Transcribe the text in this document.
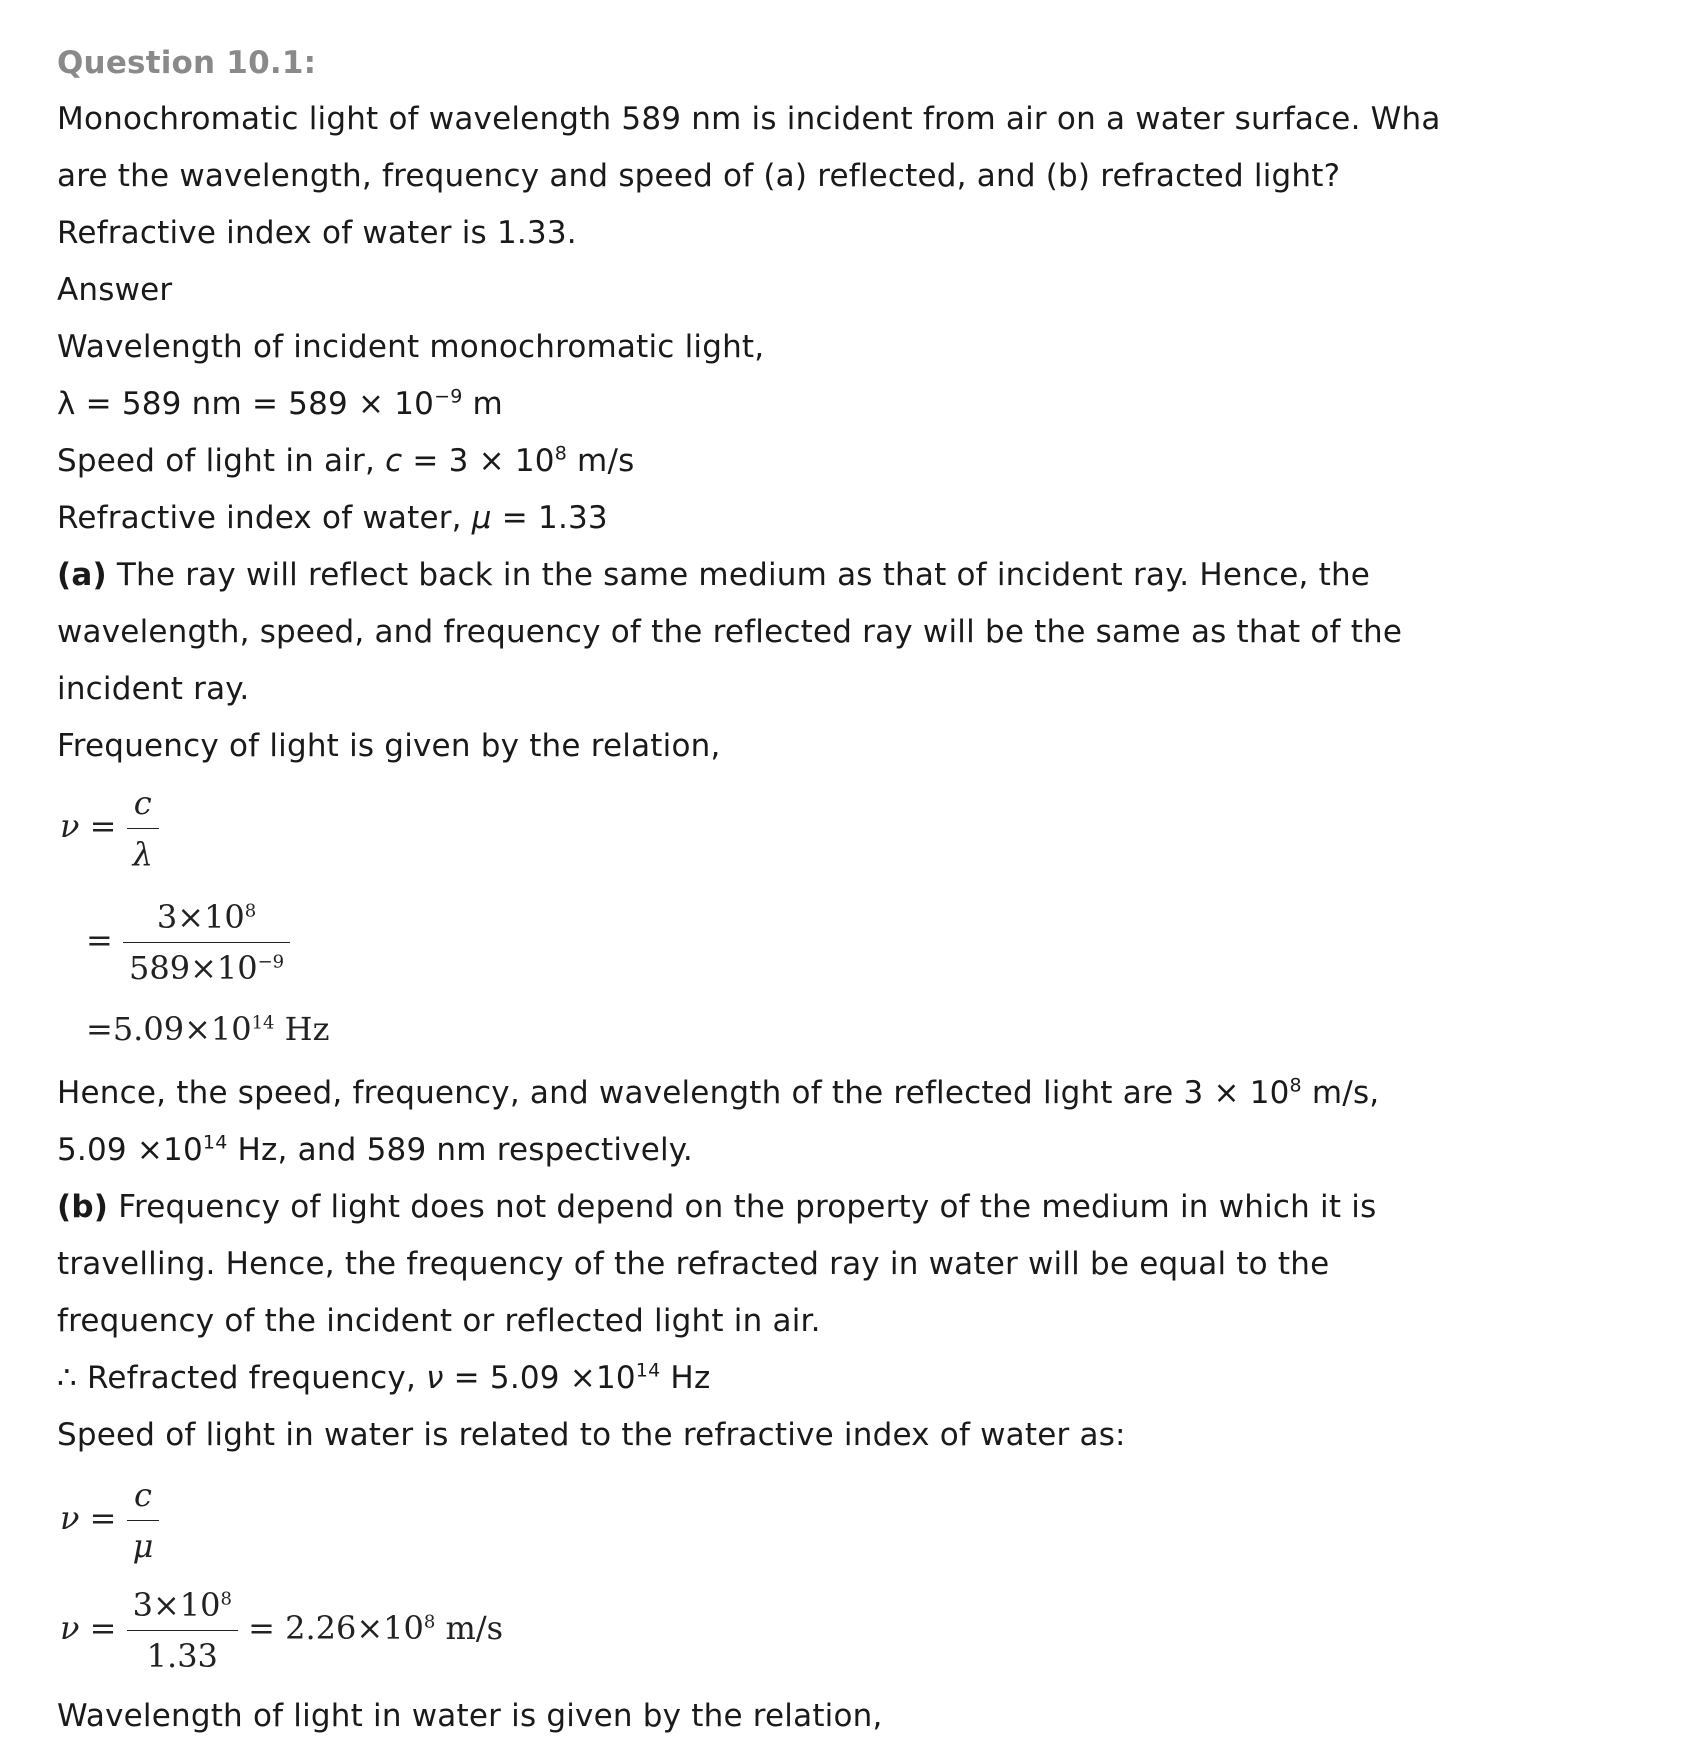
Question 10.1:
Monochromatic light of wavelength 589 nm is incident from air on a water surface. Wha
are the wavelength, frequency and speed of (a) reflected, and (b) refracted light?
Refractive index of water is 1.33.
Answer
Wavelength of incident monochromatic light,
λ = 589 nm = $589 \times 10^{-9}$ m
Speed of light in air, $c = 3 \times 10^8$ m/s
Refractive index of water, μ = 1.33
(a) The ray will reflect back in the same medium as that of incident ray. Hence, the
wavelength, speed, and frequency of the reflected ray will be the same as that of the
incident ray.
Frequency of light is given by the relation,
$\nu = \frac{c}{\lambda}$
= $\frac{3\times 10^8}{589\times 10^{-9}}$
$=5.09\times 10^{14}$ Hz
Hence, the speed, frequency, and wavelength of the reflected light are $3 \times 10^8$ m/s,
$5.09 \times 10^{14}$ Hz, and 589 nm respectively.
(b) Frequency of light does not depend on the property of the medium in which it is
travelling. Hence, the frequency of the refracted ray in water will be equal to the
frequency of the incident or reflected light in air.
∴ Refracted frequency, $\nu = 5.09 \times 10^{14}$ Hz
Speed of light in water is related to the refractive index of water as:
$\nu = \frac{c}{\mu}$
$\nu = \frac{3\times 10^8}{1.33} = 2.26\times 10^8$ m/s
Wavelength of light in water is given by the relation,
